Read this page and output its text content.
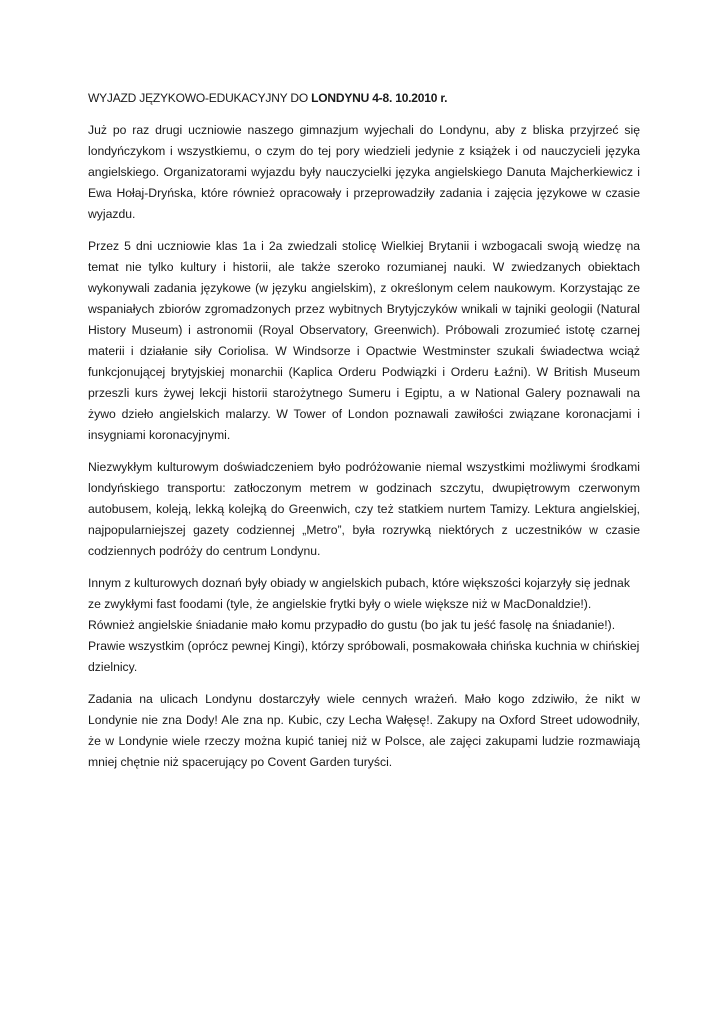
WYJAZD JĘZYKOWO-EDUKACYJNY DO LONDYNU 4-8. 10.2010 r.

Już po raz drugi uczniowie naszego gimnazjum wyjechali do Londynu, aby z bliska przyjrzeć się londyńczykom i wszystkiemu, o czym do tej pory wiedzieli jedynie z książek i od nauczycieli języka angielskiego. Organizatorami wyjazdu były nauczycielki języka angielskiego Danuta Majcherkiewicz i Ewa Hołaj-Dryńska, które również opracowały i przeprowadziły zadania i zajęcia językowe w czasie wyjazdu.

Przez 5 dni uczniowie klas 1a i 2a zwiedzali stolicę Wielkiej Brytanii i wzbogacali swoją wiedzę na temat nie tylko kultury i historii, ale także szeroko rozumianej nauki. W zwiedzanych obiektach wykonywali zadania językowe (w języku angielskim), z określonym celem naukowym. Korzystając ze wspaniałych zbiorów zgromadzonych przez wybitnych Brytyjczyków wnikali w tajniki geologii (Natural History Museum) i astronomii (Royal Observatory, Greenwich). Próbowali zrozumieć istotę czarnej materii i działanie siły Coriolisa. W Windsorze i Opactwie Westminster szukali świadectwa wciąż funkcjonującej brytyjskiej monarchii (Kaplica Orderu Podwiązki i Orderu Łaźni). W British Museum przeszli kurs żywej lekcji historii starożytnego Sumeru i Egiptu, a w National Galery poznawali na żywo dzieło angielskich malarzy. W Tower of London poznawali zawiłości związane koronacjami i insygniami koronacyjnymi.

Niezwykłym kulturowym doświadczeniem było podróżowanie niemal wszystkimi możliwymi środkami londyńskiego transportu: zatłoczonym metrem w godzinach szczytu, dwupiętrowym czerwonym autobusem, koleją, lekką kolejką do Greenwich, czy też statkiem nurtem Tamizy. Lektura angielskiej, najpopularniejszej gazety codziennej „Metro”, była rozrywką niektórych z uczestników w czasie codziennych podróży do centrum Londynu.

Innym z kulturowych doznań były obiady w angielskich pubach, które większości kojarzyły się jednak ze zwykłymi fast foodami (tyle, że angielskie frytki były o wiele większe niż w MacDonaldzie!). Również angielskie śniadanie mało komu przypadło do gustu (bo jak tu jeść fasolę na śniadanie!). Prawie wszystkim (oprócz pewnej Kingi), którzy spróbowali, posmakowała chińska kuchnia w chińskiej dzielnicy.

Zadania na ulicach Londynu dostarczyły wiele cennych wrażeń. Mało kogo zdziwiło, że nikt w Londynie nie zna Dody! Ale zna np. Kubic, czy Lecha Wałęsę!. Zakupy na Oxford Street udowodniły, że w Londynie wiele rzeczy można kupić taniej niż w Polsce, ale zajęci zakupami ludzie rozmawiają mniej chętnie niż spacerujący po Covent Garden turyści.
